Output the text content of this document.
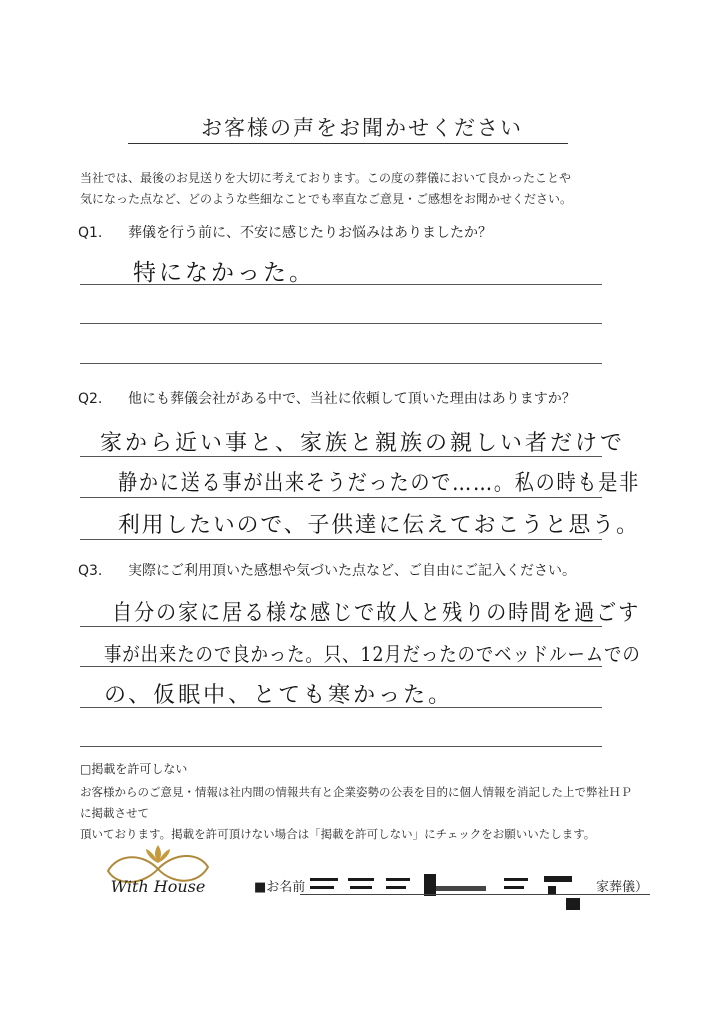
お客様の声をお聞かせください
当社では、最後のお見送りを大切に考えております。この度の葬儀において良かったことや
気になった点など、どのような些細なことでも率直なご意見・ご感想をお聞かせください。
Q1. 葬儀を行う前に、不安に感じたりお悩みはありましたか？
特になかった。
Q2. 他にも葬儀会社がある中で、当社に依頼して頂いた理由はありますか？
家から近い事と、家族と親族の親しい者だけで
静かに送る事が出来そうだったので……。私の時も是非
利用したいので、子供達に伝えておこうと思う。
Q3. 実際にご利用頂いた感想や気づいた点など、ご自由にご記入ください。
自分の家に居る様な感じで故人と残りの時間を過ごす
事が出来たので良かった。只、12月だったのでベッドルームでの
の、仮眠中、とても寒かった。
□掲載を許可しない
お客様からのご意見・情報は社内間の情報共有と企業姿勢の公表を目的に個人情報を消記した上で弊社ＨＰに掲載させて
頂いております。掲載を許可頂けない場合は「掲載を許可しない」にチェックをお願いいたします。
With House	■お名前	家葬儀）
